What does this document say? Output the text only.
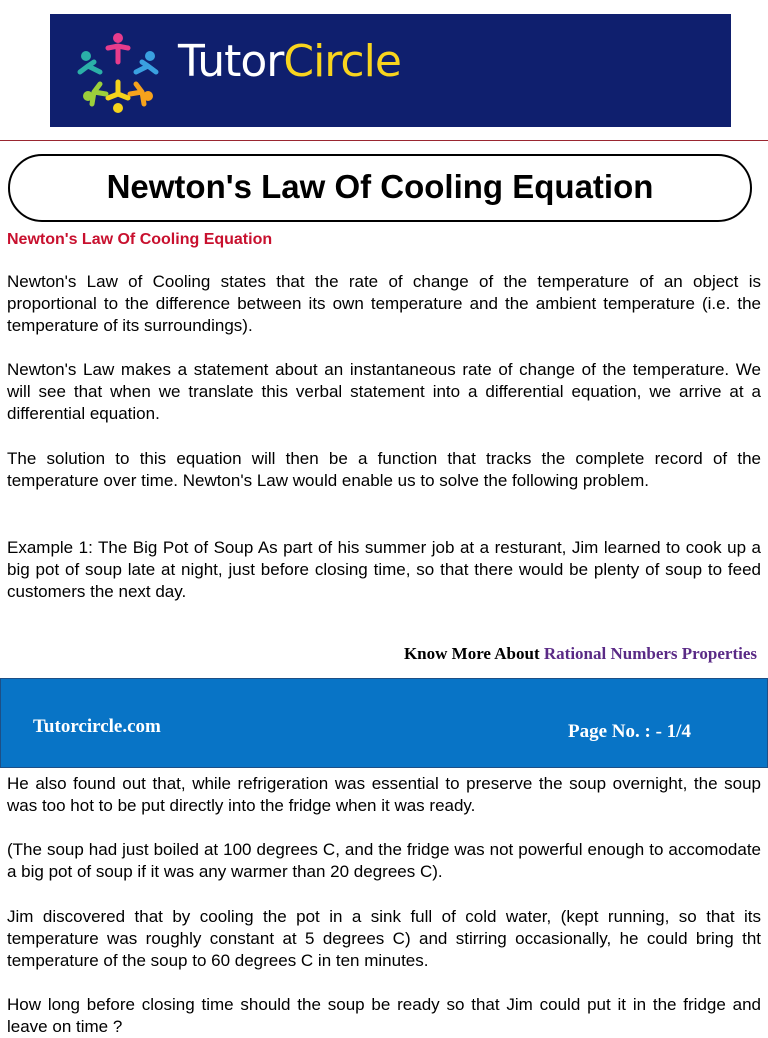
TutorCircle
Newton's Law Of Cooling Equation
Newton's Law Of Cooling Equation
Newton's Law of Cooling states that the rate of change of the temperature of an object is proportional to the difference between its own temperature and the ambient temperature (i.e. the temperature of its surroundings).
Newton's Law makes a statement about an instantaneous rate of change of the temperature. We will see that when we translate this verbal statement into a differential equation, we arrive at a differential equation.
The solution to this equation will then be a function that tracks the complete record of the temperature over time. Newton's Law would enable us to solve the following problem.
Example 1: The Big Pot of Soup As part of his summer job at a resturant, Jim learned to cook up a big pot of soup late at night, just before closing time, so that there would be plenty of soup to feed customers the next day.
Know More About Rational Numbers Properties
Tutorcircle.com	Page No. : - 1/4
He also found out that, while refrigeration was essential to preserve the soup overnight, the soup was too hot to be put directly into the fridge when it was ready.
(The soup had just boiled at 100 degrees C, and the fridge was not powerful enough to accomodate a big pot of soup if it was any warmer than 20 degrees C).
Jim discovered that by cooling the pot in a sink full of cold water, (kept running, so that its temperature was roughly constant at 5 degrees C) and stirring occasionally, he could bring tht temperature of the soup to 60 degrees C in ten minutes.
How long before closing time should the soup be ready so that Jim could put it in the fridge and leave on time ?
